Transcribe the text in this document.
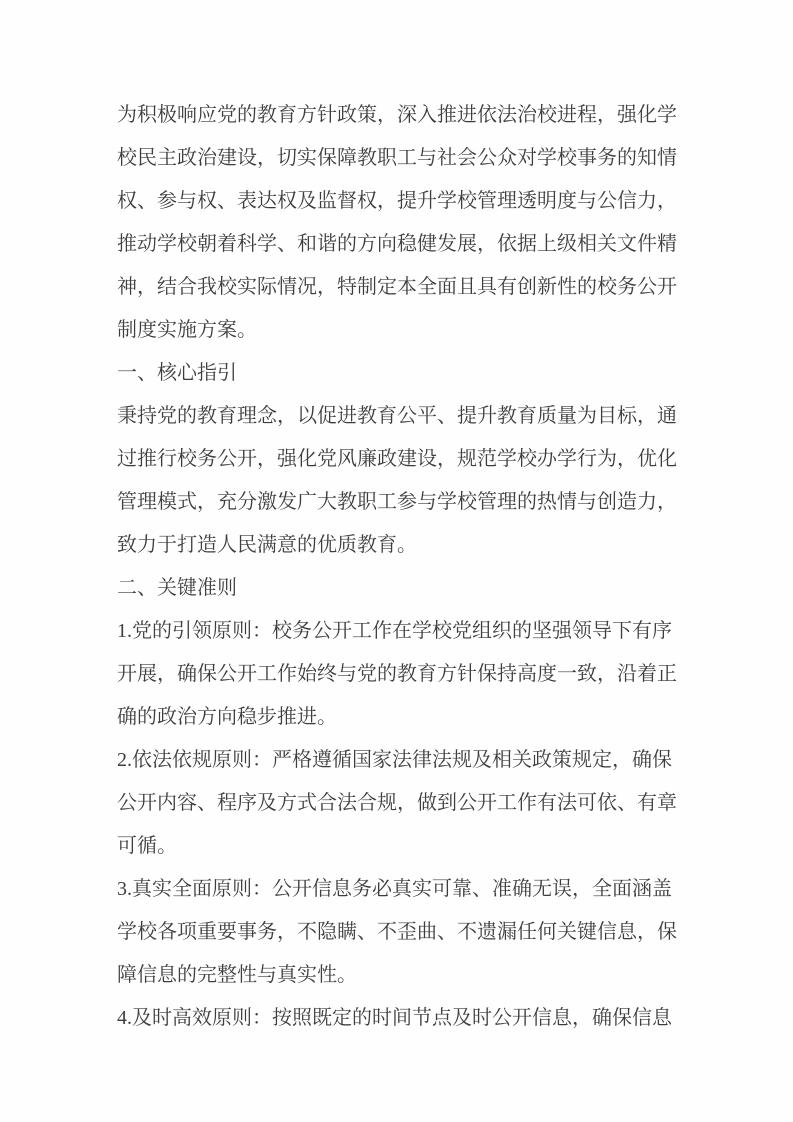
为积极响应党的教育方针政策，深入推进依法治校进程，强化学
校民主政治建设，切实保障教职工与社会公众对学校事务的知情
权、参与权、表达权及监督权，提升学校管理透明度与公信力，
推动学校朝着科学、和谐的方向稳健发展，依据上级相关文件精
神，结合我校实际情况，特制定本全面且具有创新性的校务公开
制度实施方案。
一、核心指引
秉持党的教育理念，以促进教育公平、提升教育质量为目标，通
过推行校务公开，强化党风廉政建设，规范学校办学行为，优化
管理模式，充分激发广大教职工参与学校管理的热情与创造力，
致力于打造人民满意的优质教育。
二、关键准则
1.党的引领原则：校务公开工作在学校党组织的坚强领导下有序
开展，确保公开工作始终与党的教育方针保持高度一致，沿着正
确的政治方向稳步推进。
2.依法依规原则：严格遵循国家法律法规及相关政策规定，确保
公开内容、程序及方式合法合规，做到公开工作有法可依、有章
可循。
3.真实全面原则：公开信息务必真实可靠、准确无误，全面涵盖
学校各项重要事务，不隐瞒、不歪曲、不遗漏任何关键信息，保
障信息的完整性与真实性。
4.及时高效原则：按照既定的时间节点及时公开信息，确保信息
